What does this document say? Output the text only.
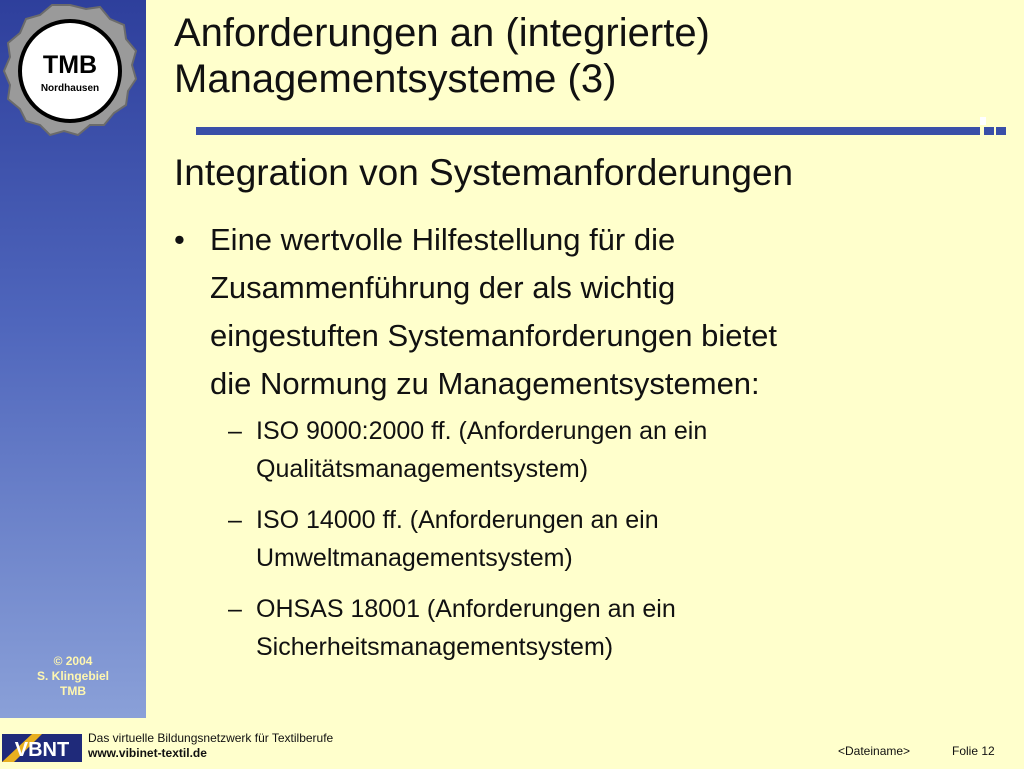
TMB
Nordhausen
© 2004
S. Klingebiel
TMB
Anforderungen an (integrierte)
Managementsysteme (3)
Integration von Systemanforderungen
• Eine wertvolle Hilfestellung für die
Zusammenführung der als wichtig
eingestuften Systemanforderungen bietet
die Normung zu Managementsystemen:
– ISO 9000:2000 ff. (Anforderungen an ein
Qualitätsmanagementsystem)
– ISO 14000 ff. (Anforderungen an ein
Umweltmanagementsystem)
– OHSAS 18001 (Anforderungen an ein
Sicherheitsmanagementsystem)
VBNT
Das virtuelle Bildungsnetzwerk für Textilberufe
www.vibinet-textil.de	<Dateiname>	Folie 12
